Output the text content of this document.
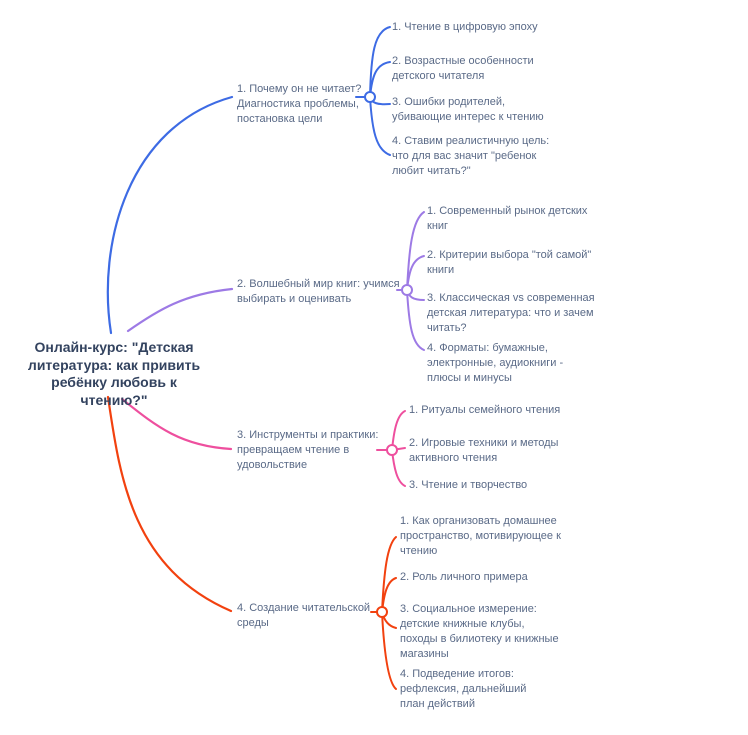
Онлайн-курс: "Детская литература: как привить ребёнку любовь к чтению?"
1. Почему он не читает? Диагностика проблемы, постановка цели
2. Волшебный мир книг: учимся выбирать и оценивать
3. Инструменты и практики: превращаем чтение в удовольствие
4. Создание читательской среды
1. Чтение в цифровую эпоху
2. Возрастные особенности детского читателя
3. Ошибки родителей, убивающие интерес к чтению
4. Ставим реалистичную цель: что для вас значит "ребенок любит читать?"
1. Современный рынок детских книг
2. Критерии выбора "той самой" книги
3. Классическая vs современная детская литература: что и зачем читать?
4. Форматы: бумажные, электронные, аудиокниги - плюсы и минусы
1. Ритуалы семейного чтения
2. Игровые техники и методы активного чтения
3. Чтение и творчество
1. Как организовать домашнее пространство, мотивирующее к чтению
2. Роль личного примера
3. Социальное измерение: детские книжные клубы, походы в билиотеку и книжные магазины
4. Подведение итогов: рефлексия, дальнейший план действий
